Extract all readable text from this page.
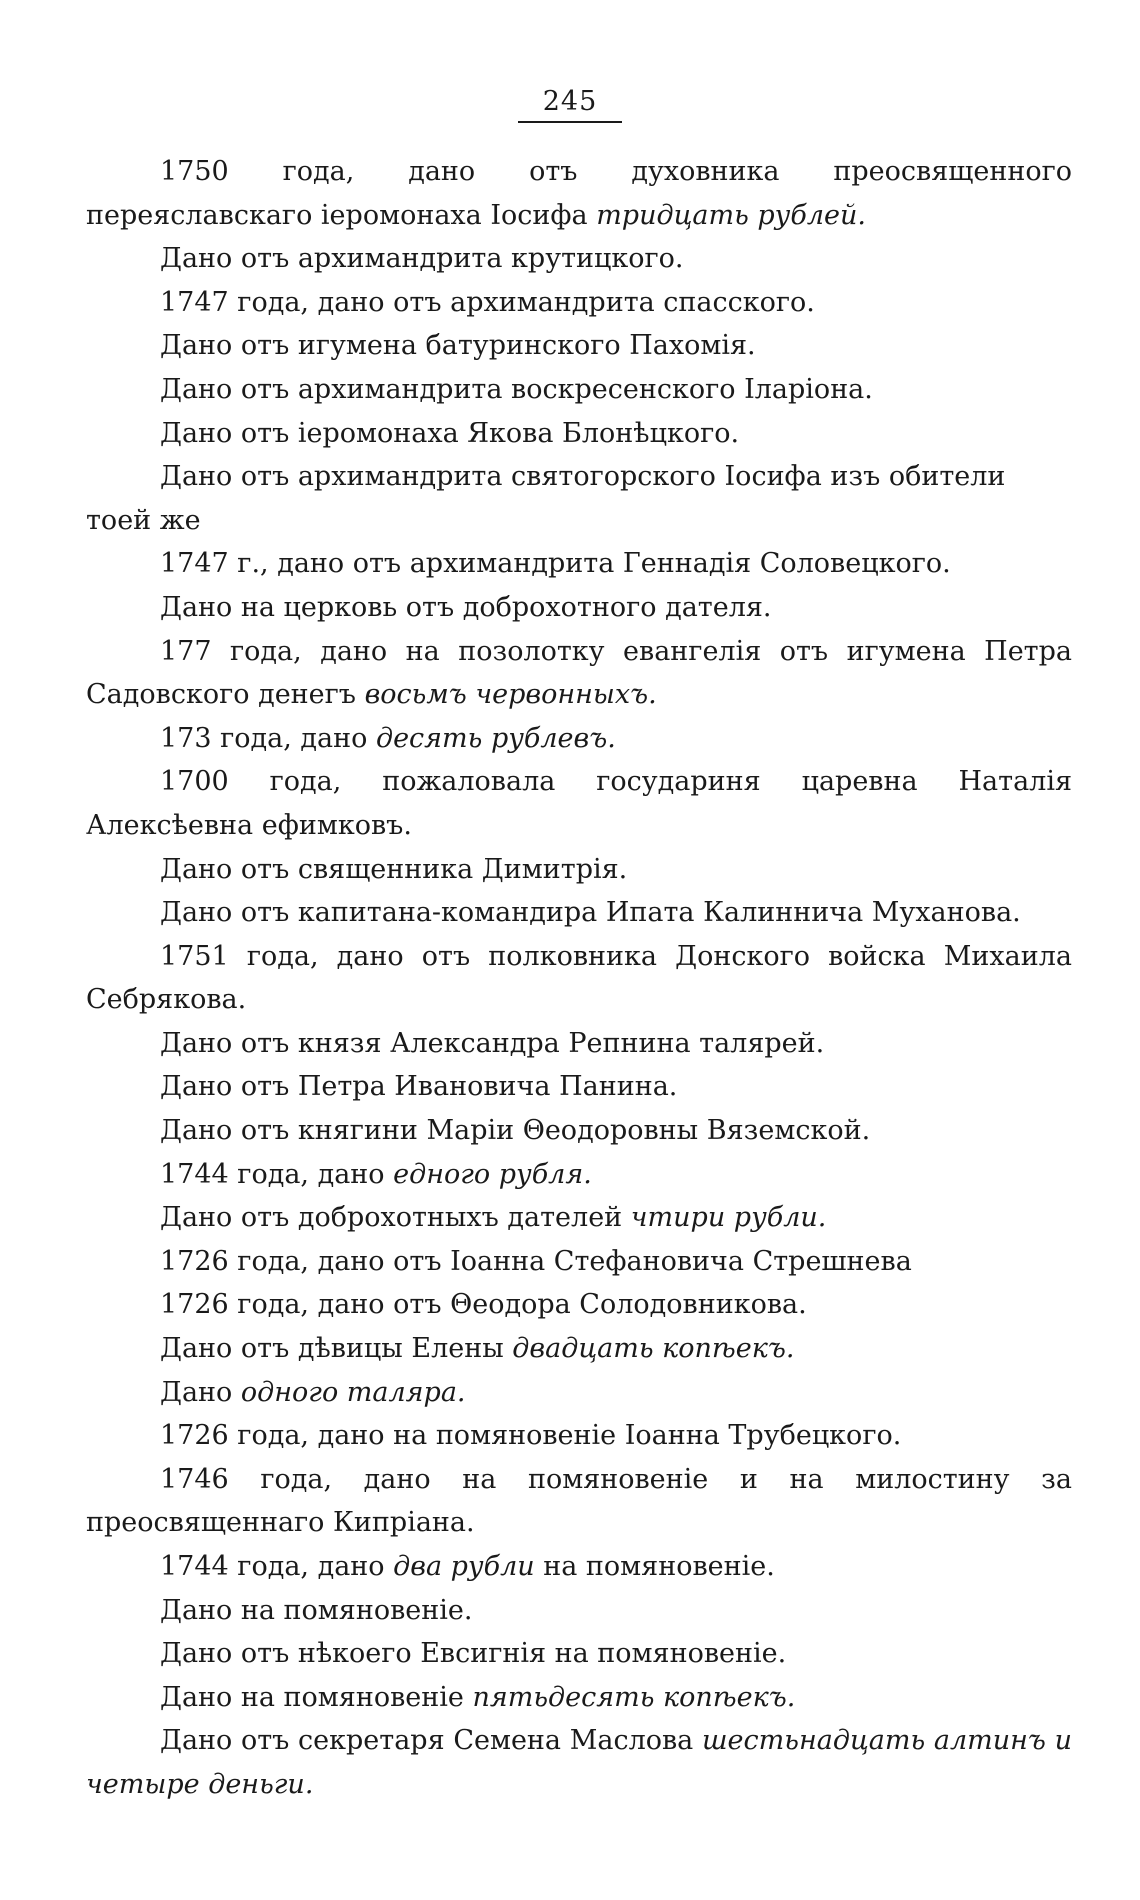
245

1750 года, дано отъ духовника преосвященного переяславскаго іеромонаха Іосифа тридцать рублей.

Дано отъ архимандрита крутицкого.

1747 года, дано отъ архимандрита спасского.

Дано отъ игумена батуринского Пахомія.

Дано отъ архимандрита воскресенского Іларіона.

Дано отъ іеромонаха Якова Блонѣцкого.

Дано отъ архимандрита святогорского Іосифа изъ обители тоей же

1747 г., дано отъ архимандрита Геннадія Соловецкого.

Дано на церковь отъ доброхотного дателя.

177 года, дано на позолотку евангелія отъ игумена Петра Садовского денегъ восьмъ червонныхъ.

173 года, дано десять рублевъ.

1700 года, пожаловала государиня царевна Наталія Алексѣевна ефимковъ.

Дано отъ священника Димитрія.

Дано отъ капитана-командира Ипата Калиннича Муханова.

1751 года, дано отъ полковника Донского войска Михаила Себрякова.

Дано отъ князя Александра Репнина талярей.

Дано отъ Петра Ивановича Панина.

Дано отъ княгини Маріи Θеодоровны Вяземской.

1744 года, дано едного рубля.

Дано отъ доброхотныхъ дателей чтири рубли.

1726 года, дано отъ Іоанна Стефановича Стрешнева

1726 года, дано отъ Θеодора Солодовникова.

Дано отъ дѣвицы Елены двадцать копѣекъ.

Дано одного таляра.

1726 года, дано на помяновеніе Іоанна Трубецкого.

1746 года, дано на помяновеніе и на милостину за преосвященнаго Кипріана.

1744 года, дано два рубли на помяновеніе.

Дано на помяновеніе.

Дано отъ нѣкоего Евсигнія на помяновеніе.

Дано на помяновеніе пятьдесять копѣекъ.

Дано отъ секретаря Семена Маслова шестьнадцать алтинъ и четыре деньги.
